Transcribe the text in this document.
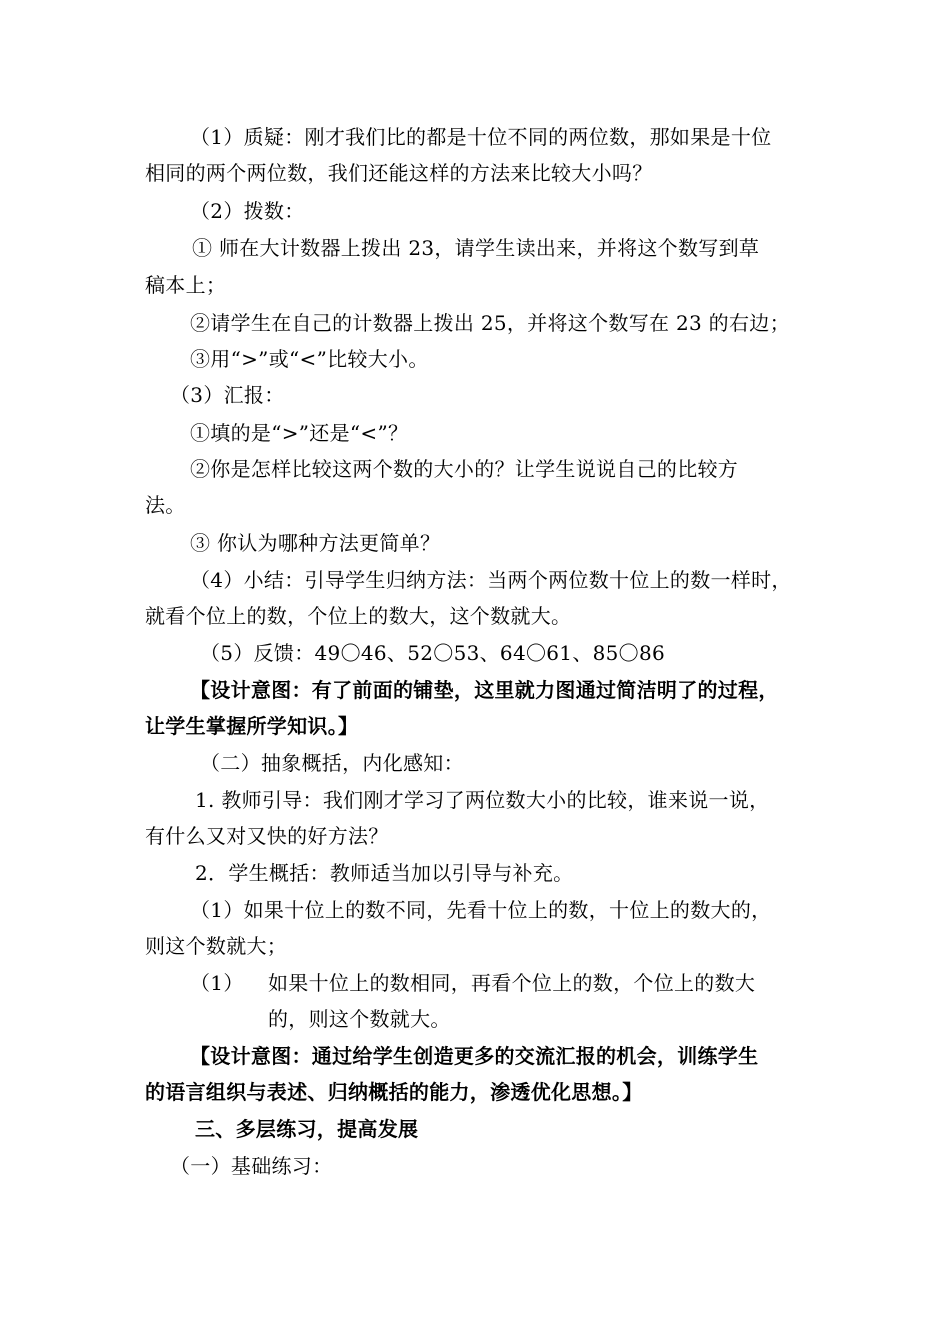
（1）质疑：刚才我们比的都是十位不同的两位数，那如果是十位
相同的两个两位数，我们还能这样的方法来比较大小吗？
（2）拨数：
① 师在大计数器上拨出 23，请学生读出来，并将这个数写到草
稿本上；
②请学生在自己的计数器上拨出 25，并将这个数写在 23 的右边；
③用“>”或“<”比较大小。
（3）汇报：
①填的是“>”还是“<”？
②你是怎样比较这两个数的大小的？让学生说说自己的比较方
法。
③ 你认为哪种方法更简单？
（4）小结：引导学生归纳方法：当两个两位数十位上的数一样时，
就看个位上的数，个位上的数大，这个数就大。
（5）反馈：49〇46、52〇53、64〇61、85〇86
【设计意图：有了前面的铺垫，这里就力图通过简洁明了的过程，
让学生掌握所学知识。】
（二）抽象概括，内化感知：
1. 教师引导：我们刚才学习了两位数大小的比较，谁来说一说，
有什么又对又快的好方法？
2．学生概括：教师适当加以引导与补充。
（1）如果十位上的数不同，先看十位上的数，十位上的数大的，
则这个数就大；
（1） 如果十位上的数相同，再看个位上的数，个位上的数大
的，则这个数就大。
【设计意图：通过给学生创造更多的交流汇报的机会，训练学生
的语言组织与表述、归纳概括的能力，渗透优化思想。】
三、多层练习，提高发展
（一）基础练习：
